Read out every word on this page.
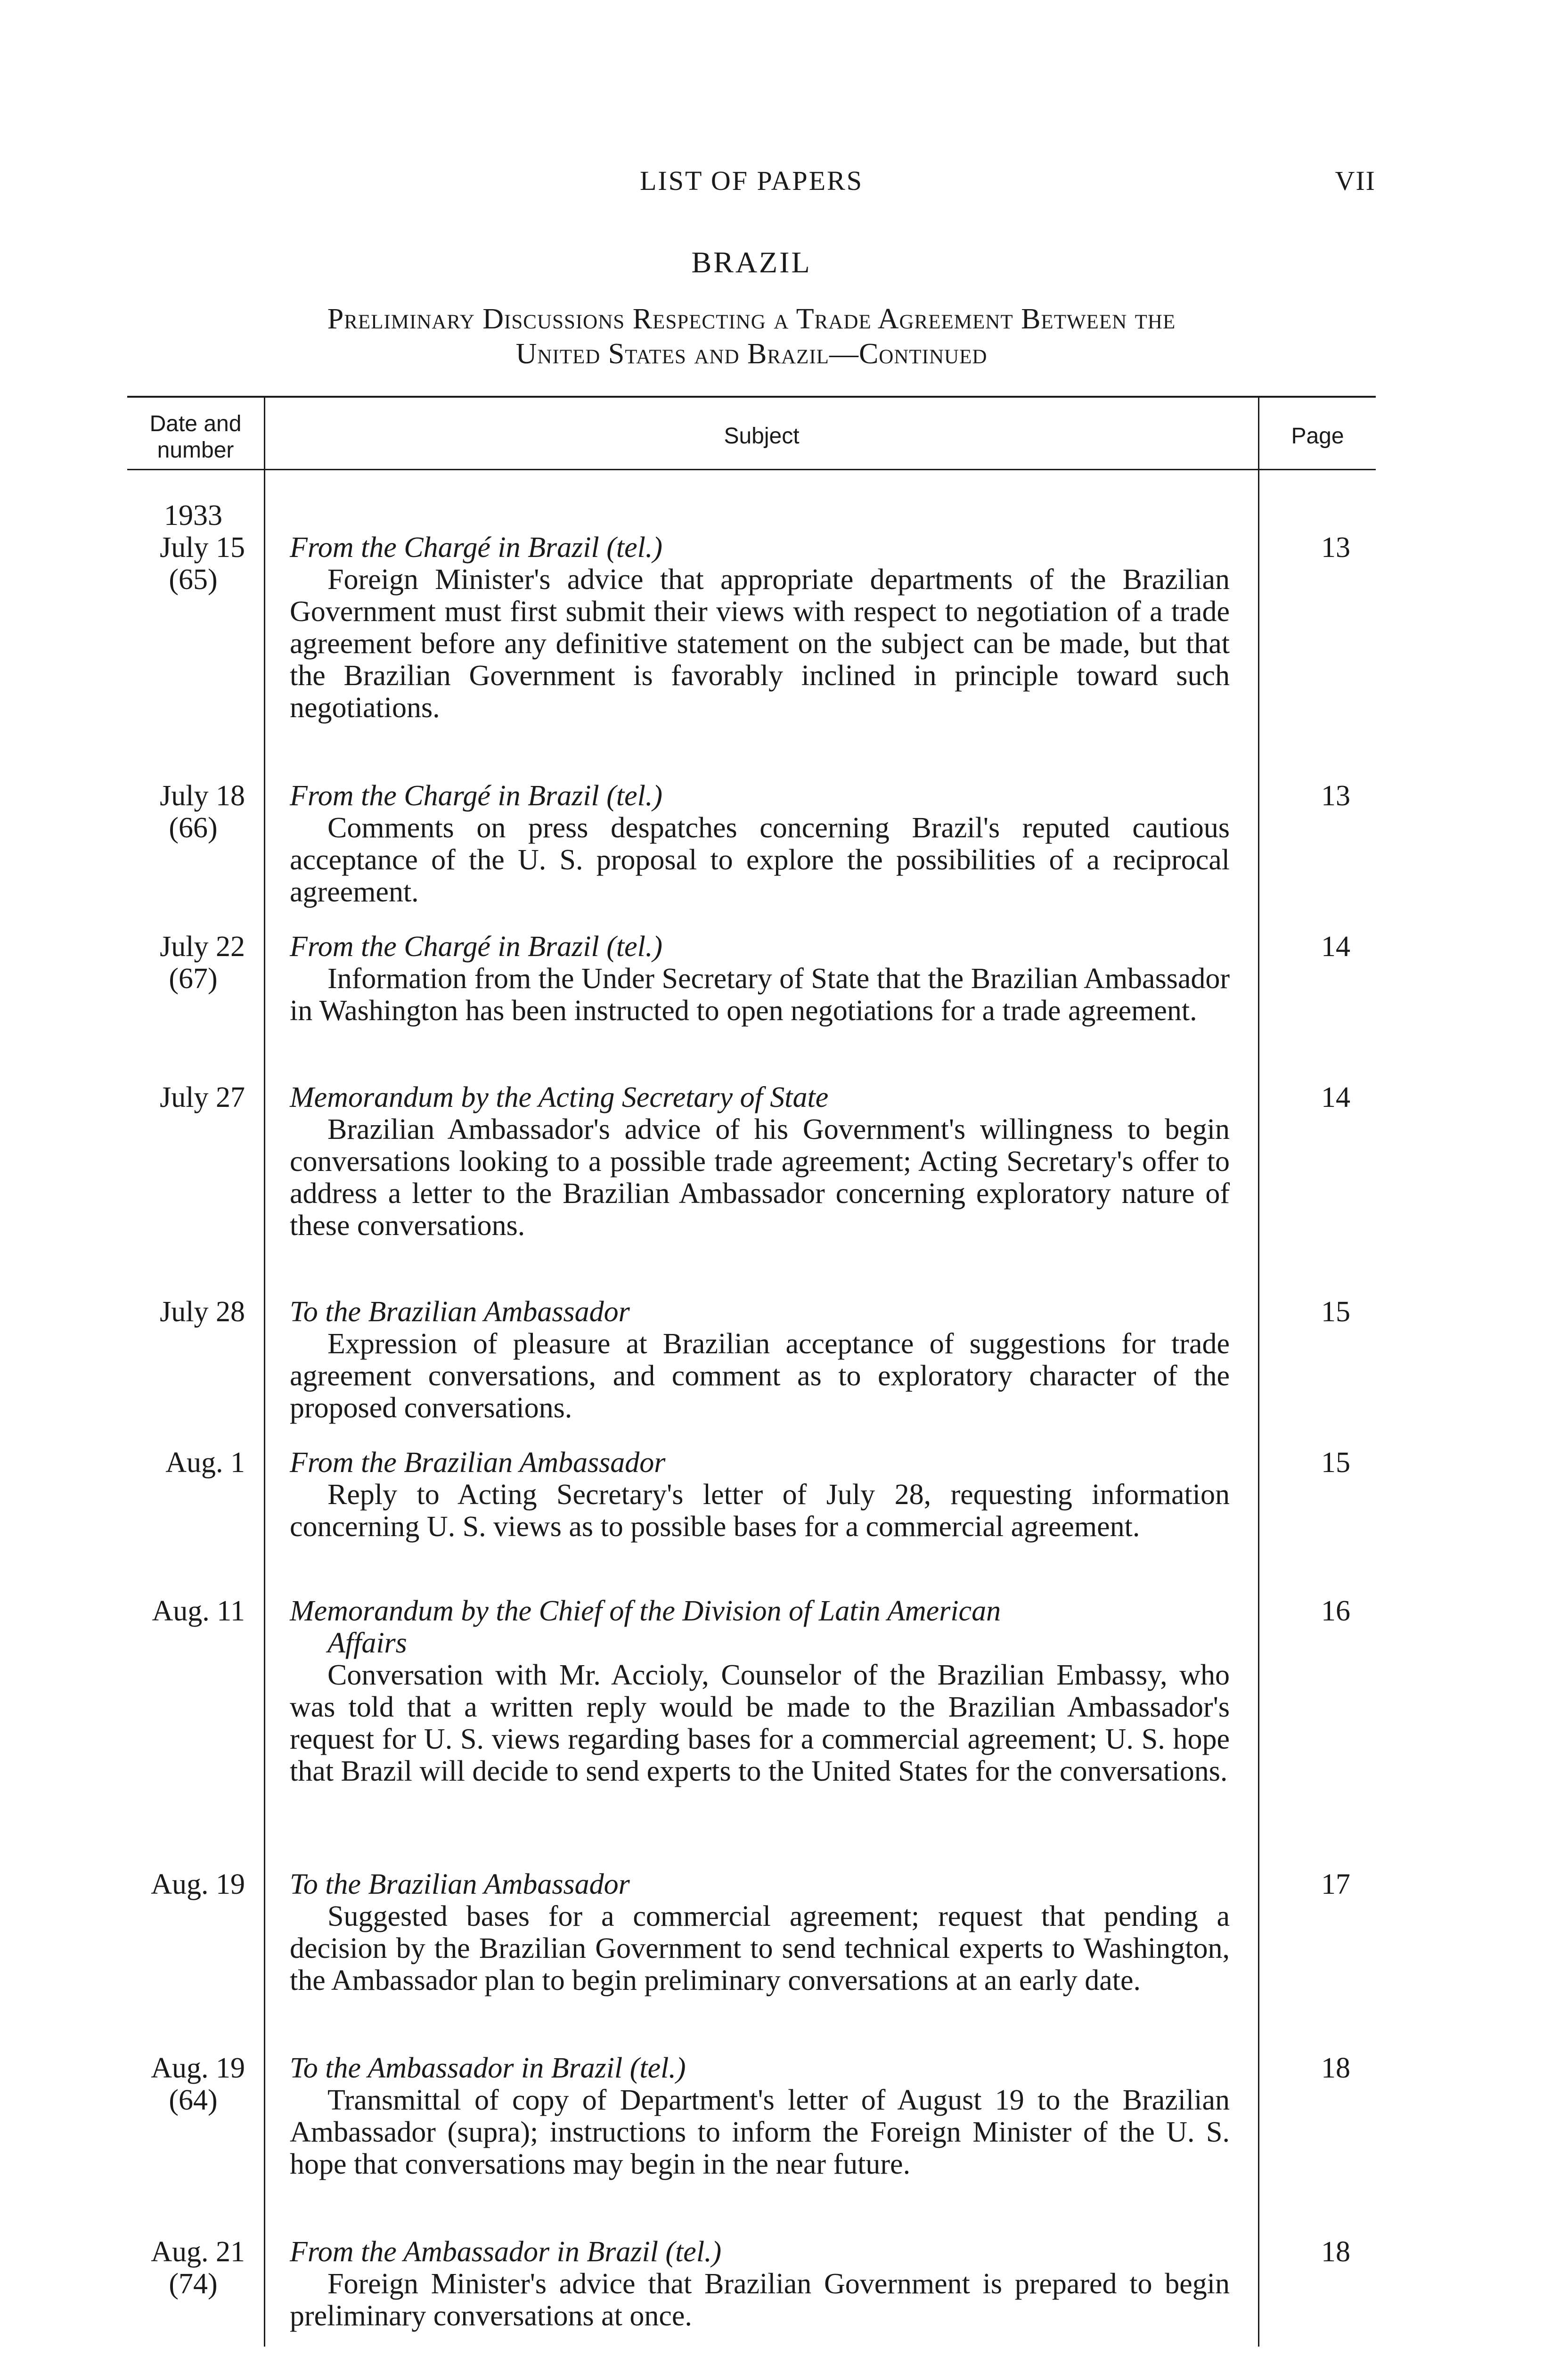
LIST OF PAPERS	VII
BRAZIL
Preliminary Discussions Respecting a Trade Agreement Between the
United States and Brazil—Continued
Date and
number
Subject	Page
1933
July 15
(65)
From the Chargé in Brazil (tel.)
Foreign Minister's advice that appropriate departments of the Brazilian Government must first submit their views with respect to negotiation of a trade agreement before any definitive statement on the subject can be made, but that the Brazilian Government is favorably inclined in principle toward such negotiations.
13
July 18
(66)
From the Chargé in Brazil (tel.)
Comments on press despatches concerning Brazil's reputed cautious acceptance of the U. S. proposal to explore the possibilities of a reciprocal agreement.
13
July 22
(67)
From the Chargé in Brazil (tel.)
Information from the Under Secretary of State that the Brazilian Ambassador in Washington has been instructed to open negotiations for a trade agreement.
14
July 27 Memorandum by the Acting Secretary of State
Brazilian Ambassador's advice of his Government's willingness to begin conversations looking to a possible trade agreement; Acting Secretary's offer to address a letter to the Brazilian Ambassador concerning exploratory nature of these conversations.
14
July 28 To the Brazilian Ambassador
Expression of pleasure at Brazilian acceptance of suggestions for trade agreement conversations, and comment as to exploratory character of the proposed conversations.
15
Aug. 1 From the Brazilian Ambassador
Reply to Acting Secretary's letter of July 28, requesting information concerning U. S. views as to possible bases for a commercial agreement.
15
Aug. 11 Memorandum by the Chief of the Division of Latin American
Affairs
Conversation with Mr. Accioly, Counselor of the Brazilian Embassy, who was told that a written reply would be made to the Brazilian Ambassador's request for U. S. views regarding bases for a commercial agreement; U. S. hope that Brazil will decide to send experts to the United States for the conversations.
16
Aug. 19 To the Brazilian Ambassador
Suggested bases for a commercial agreement; request that pending a decision by the Brazilian Government to send technical experts to Washington, the Ambassador plan to begin preliminary conversations at an early date.
17
Aug. 19
(64)
To the Ambassador in Brazil (tel.)
Transmittal of copy of Department's letter of August 19 to the Brazilian Ambassador (supra); instructions to inform the Foreign Minister of the U. S. hope that conversations may begin in the near future.
18
Aug. 21
(74)
From the Ambassador in Brazil (tel.)
Foreign Minister's advice that Brazilian Government is prepared to begin preliminary conversations at once.
18
